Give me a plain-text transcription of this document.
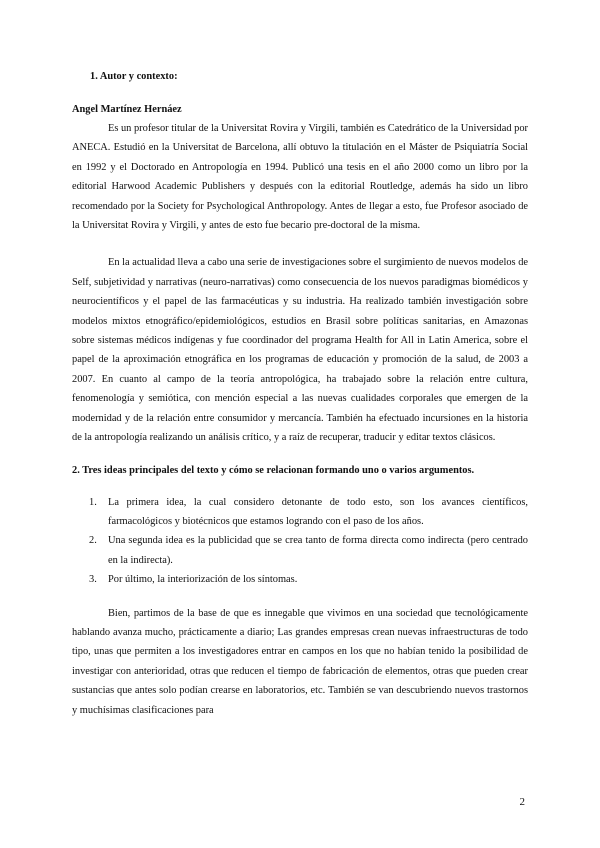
1. Autor y contexto:
Angel Martínez Hernáez

Es un profesor titular de la Universitat Rovira y Virgili, también es Catedrático de la Universidad por ANECA. Estudió en la Universitat de Barcelona, allí obtuvo la titulación en el Máster de Psiquiatría Social en 1992 y el Doctorado en Antropología en 1994. Publicó una tesis en el año 2000 como un libro por la editorial Harwood Academic Publishers y después con la editorial Routledge, además ha sido un libro recomendado por la Society for Psychological Anthropology. Antes de llegar a esto, fue Profesor asociado de la Universitat Rovira y Virgili, y antes de esto fue becario pre-doctoral de la misma.

En la actualidad lleva a cabo una serie de investigaciones sobre el surgimiento de nuevos modelos de Self, subjetividad y narrativas (neuro-narrativas) como consecuencia de los nuevos paradigmas biomédicos y neurocientíficos y el papel de las farmacéuticas y su industria. Ha realizado también investigación sobre modelos mixtos etnográfico/epidemiológicos, estudios en Brasil sobre políticas sanitarias, en Amazonas sobre sistemas médicos indígenas y fue coordinador del programa Health for All in Latin America, sobre el papel de la aproximación etnográfica en los programas de educación y promoción de la salud, de 2003 a 2007. En cuanto al campo de la teoría antropológica, ha trabajado sobre la relación entre cultura, fenomenología y semiótica, con mención especial a las nuevas cualidades corporales que emergen de la modernidad y de la relación entre consumidor y mercancía. También ha efectuado incursiones en la historia de la antropología realizando un análisis crítico, y a raíz de recuperar, traducir y editar textos clásicos.

2. Tres ideas principales del texto y cómo se relacionan formando uno o varios argumentos.
1. La primera idea, la cual considero detonante de todo esto, son los avances científicos, farmacológicos y biotécnicos que estamos logrando con el paso de los años.
2. Una segunda idea es la publicidad que se crea tanto de forma directa como indirecta (pero centrado en la indirecta).
3. Por último, la interiorización de los síntomas.

Bien, partimos de la base de que es innegable que vivimos en una sociedad que tecnológicamente hablando avanza mucho, prácticamente a diario; Las grandes empresas crean nuevas infraestructuras de todo tipo, unas que permiten a los investigadores entrar en campos en los que no habían tenido la posibilidad de investigar con anterioridad, otras que reducen el tiempo de fabricación de elementos, otras que pueden crear sustancias que antes solo podían crearse en laboratorios, etc. También se van descubriendo nuevos trastornos y muchísimas clasificaciones para

2
